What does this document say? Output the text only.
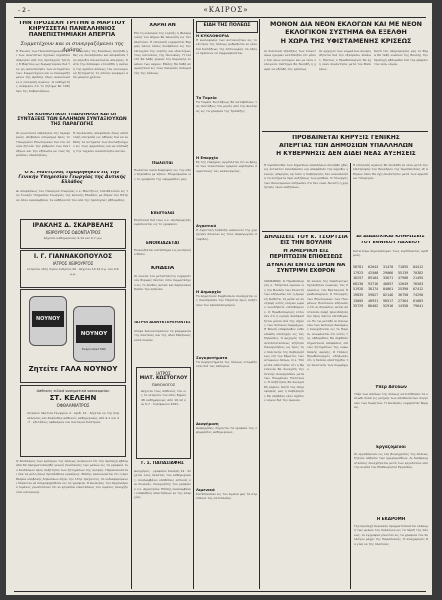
- 2 -	«ΚΑΙΡΟΣ»
ΤΗΝ ΠΡΟΣΕΧΗ ΤΡΙΤΗΝ 8 ΜΑΡΤΙΟΥ ΚΗΡΥΣΣΕΤΑΙ ΠΑΝΕΛΛΗΝΙΟΣ ΠΑΝΕΠΙΣΤΗΜΙΑΚΗ ΑΠΕΡΓΙΑ
Συμμετέχουν και οι συνεργαζόμενοι της Δράσης
Η Ένωσις των Πανεπιστημιακών και των ανωτάτων σχολών κηρύσσει απεργίαν από της προσεχούς Τρίτης 8 Μαρτίου ως διαμαρτυρίαν διά την μη ικανοποίησιν των αιτημάτων των. Συμμετέχουν και οι συνεργαζόμενοι της Δράσης όπως ανεκοίνωσεν η επιτροπή αγώνος. Ο καθηγητής ανέφερεν ότι το ζήτημα θα τεθή προ της Κυβερνήσεως.
Η διοίκησις της Ενώσεως συνήλθε χθες εις συνεδρίασιν και απεφάσισε την κήρυξιν πανελληνίου απεργίας. Κατά την σύσκεψιν ετονίσθη η ανάγκη της αμέσου λύσεως του οικονομικού ζητήματος το οποίον εκκρεμεί από μακρού χρόνου.
ΟΙ ΚΟΙΝΟΤΙΚΟΙ ΥΠΑΛΛΗΛΟΙ ΚΑΙ ΟΙ ΣΥΝΤΑΞΕΙΣ ΤΩΝ ΕΛΛΗΝΩΝ ΣΥΝΤΑΞΙΟΥΧΩΝ ΤΗΣ ΠΑΡΑΓΩΓΗΣ
Οι κοινοτικοί υπάλληλοι της περιφερείας υπέβαλον υπόμνημα προς το Υπουργείον Εσωτερικών δια του οποίου ζητούν την ρύθμισιν των συντάξεων και την εξίσωσιν με τους δημοσίους υπαλλήλους.
Η συνέλευσις απεφάσισε όπως αποσταλή επιτροπή εις Αθήνας δια να εκθέση τα αιτήματα των συνταξιούχων εις τους αρμοδίους και να επιδιώξη την ταχείαν ικανοποίησιν αυτών.
Ο κ. Μαντζίνος τιμωρήθηκεν εις την Γενικήν Υπηρεσίαν Γεωργίας της Δυτικής Ελλάδος
Δι αποφάσεως του Υπουργού Γεωργίας ο κ. Μαντζίνος τοποθετείται εις την Γενικήν Υπηρεσίαν Γεωργίας της Δυτικής Ελλάδος με έδραν την Πάτραν όπου αναλαμβάνει τα καθήκοντά του από της προσεχούς εβδομάδος.
ΙΡΑΚΛΗΣ Δ. ΣΚΑΡΒΕΛΗΣ
ΧΕΙΡΟΥΡΓΟΣ ΟΔΟΝΤΙΑΤΡΟΣ
Δέχεται καθημερινώς 9-12 και 4-7 μ.μ.
Ι. Γ. ΓΙΑΝΝΑΚΟΠΟΥΛΟΣ
ΙΑΤΡΟΣ ΧΕΙΡΟΥΡΓΟΣ
Ιατρείον οδός Αγίου Ανδρέου 26 · Δέχεται 10-12 π.μ. και 4-6 μ.μ.
ΝΟΥΝΟΥ
ΝΟΥΝΟΥ
Evaporated Milk
Ζητείτε ΓΑΛΑ ΝΟΥΝΟΥ
Ασθενείς ειδικά νοσηματικά νοσοκομείου
ΣΤ. ΚΕΛΕΗΝ
ΟΦΘΑΛΜΙΑΤΡΟΣ
Ιατρείον πλατεία Γεωργίου Α΄ αριθ. 12 · δέχεται εκ της Κεφαλληνίας και Ζακύνθου ασθενείς καθημερινώς από 9-1 και 4-7 · εξετάσεις οφθαλμών και συνταγαί διοπτρών.
Ο Σύνδεσμος των εμπόρων της πόλεως ανακοινοί ότι την προσεχή εβδομάδα θα πραγματοποιηθή γενική συνέλευσις των μελών εις τα γραφεία του Συνδέσμου προς συζήτησιν των ζητημάτων της αγοράς. Παρακαλούνται όλα τα μέλη όπως προσέλθουν εγκαίρως. Επίσης ανακοινούται ότι η προθεσμία υποβολής δηλώσεων λήγει την 15ην τρέχοντος. Οι ενδιαφερόμενοι δύνανται να πληροφορηθούν εις τα γραφεία. Η Διοίκησις του Οργανισμού Λιμένος γνωστοποιεί ότι αι εργασίαι επεκτάσεως του λιμένος συνεχίζονται κανονικώς.
ΧΑΡΑΓΑΝ
Επί τη ευκαιρία της εορτής η Φιλαρμονική του Δήμου θα παιανίση εις την πλατείαν. Η επιτροπή ευχαριστεί θερμώς όλους όσους συνέβαλον εις την επιτυχίαν της εορτής και ιδιαιτέρως τους κατοίκους της συνοικίας. Η τελετή θα λάβη χώραν την Κυριακήν ενώπιον των αρχών. Επίσης θα δοθή αναμνηστικό εις τους παλαιούς πολεμιστάς της πόλεως.
Πωλείται
Πωλείται οικία διώροφος εις την οδόν Κορίνθου με κήπον. Πληροφορίαι εις το γραφείον της εφημερίδος μας.
Επιστολαί
Επιστολαί διά τους κ.κ. συνδρομητάς ευρίσκονται εις το γραφείον.
ΕΝΟΙΚΙΑΖΕΤΑΙ
Ενοικιάζεται κατάστημα εις κεντρικήν θέσιν.
ΚΗΔΕΙΑ
Οι οικείοι του μεταστάντος ευχαριστούν θερμώς πάντας όσοι συμμετέσχον εις το πένθος αυτών και παρηκολούθησαν την κηδείαν.
ΙΑΤΡΟΙ ΔΙΑΝΥΚΤΕΡΕΥΟΝΤΕΣ
Απόψε διανυκτερεύουν τα φαρμακεία της πλατείας και της οδού Μαιζώνος κατά σειράν.
ΙΑΤΡΟΣ
ΜΙΛΤ. ΚΩΣΤΟΓΛΟΥ
ΠΑΘΟΛΟΓΟΣ
Δέχεται τους ασθενείς του εις το ιατρείον του οδός Ερμού 48 καθημερινώς από 10-12 και 5-7 · τηλέφωνον 2291.
Γ. Σ. ΠΑΠΑΣΙΑΦΗΣ
Δικηγόρος · γραφείον Κανάρη 14 · δέχεται τους πελάτας του καθημερινώς. Αναλαμβάνει υποθέσεις αστικάς και ποινικάς. Συνεργάτης του γραφείου ο κ. Δημητρίου. Επίσης αναλαμβάνει εισπράξεις απαιτήσεων εκ της επαρχίας.
ΕΙΔΗ ΤΗΣ ΠΟΛΕΩΣ
Η ΚΥΚΛΟΦΟΡΙΑ
Η κυκλοφορία των αυτοκινήτων εις το κέντρον της πόλεως ρυθμίζεται εκ νέου διά διατάξεως της Αστυνομίας. Οι οδηγοί οφείλουν να συμμορφούνται.
Τα Ταμεία
Τα Ταμεία Συντάξεως θα καταβάλουν τας συντάξεις του μηνός από της Δευτέρας εις τα γραφεία της Τραπέζης.
Η Επαρχία
Εκ της επαρχίας αγγέλλεται ότι αι βροχαί των τελευταίων ημερών ωφέλησαν σημαντικώς τας καλλιεργείας.
Αγροτικά
Η Αγροτική Τράπεζα ανακοινοί την χορήγησιν δανείων εις τους παραγωγούς σταφίδος.
Η Δημαρχία
Το Δημοτικόν Συμβούλιον συνέρχεται εις συνεδρίασιν την Πέμπτην προς συζήτησιν του προϋπολογισμού.
Συγκροτήματα
Τα συγκροτήματα της πόλεως ετοιμάζονται διά τας απόκρεω.
Διαφήμιση
Διαφημίσεις δέχονται τα γραφεία της εφημερίδος καθημερινώς.
Λιμενικά
Κατέπλευσαν εις τον λιμένα μας τα ατμόπλοια της ακτοπλοΐας.
ΜΟΝΟΝ ΔΙΑ ΝΕΟΝ ΕΚΛΟΓΩΝ ΚΑΙ ΜΕ ΝΕΟΝ
ΕΚΛΟΓΙΚΟΝ ΣΥΣΤΗΜΑ ΘΑ ΕΞΕΛΘΗ
Η ΧΩΡΑ ΤΗΣ ΥΦΙΣΤΑΜΕΝΗΣ ΚΡΙΣΕΩΣ
Αι πολιτικαί εξελίξεις των τελευταίων ημερών κατέδειξαν ότι μόνον διά νέων εκλογών και με νέον εκλογικόν σύστημα θα δυνηθή η χώρα να εξέλθη της κρίσεως.
Οι αρχηγοί των κομμάτων συνεργάζονται διά την εξεύρεσιν λύσεως. Πάντως ο Πρωθυπουργός θα έχη νέαν συνάντησιν μετά του Βασιλέως.
Κατά τας πληροφορίας μας το θέμα θα τεθή ενώπιον της Βουλής την προσεχή εβδομάδα διά την ψήφισιν του νέου νόμου.
ΠΡΟΒΑΙΝΕΤΑΙ ΚΗΡΥΞΙΣ ΓΕΝΙΚΗΣ
ΑΠΕΡΓΙΑΣ ΤΩΝ ΔΗΜΟΣΙΩΝ ΥΠΑΛΛΗΛΩΝ
Η ΚΥΒΕΡΝΗΣΙΣ ΔΕΝ ΔΙΔΕΙ ΝΕΑΣ ΑΥΞΗΣΕΙΣ
Η Ομοσπονδία των δημοσίων υπαλλήλων συνήλθε χθες εις έκτακτον συνεδρίασιν και απεφάσισε την κήρυξιν γενικής απεργίας εφ όσον η Κυβέρνησις δεν ικανοποιήση τα αιτήματα περί αυξήσεως των μισθών. Ο Υπουργός των Οικονομικών εδήλωσεν ότι δεν είναι δυνατή η χορήγησις νέων αυξήσεων.
Η επιτροπή αγώνος θα συνέλθη εκ νέου μετά την επιστροφήν του Προέδρου της Ομοσπονδίας εξ Αθηνών όπου θα έχη συνάντησιν μετά των αρμοδίων Υπουργών.
ΔΗΛΩΣΕΙΣ ΤΟΥ κ. ΤΣΟΡΤΣΙΑ ΕΙΣ ΤΗΝ ΒΟΥΛΗΝ
Η ΑΜΕΡΙΚΗ ΕΙΣ ΠΕΡΙΠΤΩΣΙΝ ΕΠΙΘΕΣΕΩΣ
ΔΥΝΑΤΑΙ ΕΝΤΟΣ ΩΡΩΝ ΝΑ ΣΥΝΤΡΙΨΗ ΕΧΘΡΟΝ
ΛΟΝΔΙΝΟΝ. Ο Πρωθυπουργός κ. Τσόρτσιλ ομιλών εις την Βουλήν των Κοινοτήτων εδήλωσεν ότι η Αμερική διαθέτει τα μέσα να συντρίψη εντός ολίγων ωρών οιονδήποτε επιτιθέμενον. Ο Πρωθυπουργός ετόνισεν ότι η ειρήνη διασφαλίζεται μόνον διά της ισχύος των δυτικών συμμάχων. Η Βουλή επεφύλαξεν ενθουσιώδη υποδοχήν εις τας δηλώσεις. Ο αρχηγός της αντιπολιτεύσεως εζήτησε διευκρινήσεις ως προς την πολιτικήν της Κυβερνήσεως επί του θέματος των ατομικών όπλων. Ο κ. Τσόρτσιλ απήντησεν ότι η Βρεταννία θα συνεχίση την στενήν συνεργασίαν μετά των Ηνωμένων Πολιτειών. Η συζήτησις θα συνεχισθή αύριον. Κατά τας πληροφορίας μας η Κυβέρνησις θα υποβάλη νέον σχέδιον νόμου διά την άμυναν.
Οι κύκλοι της Ουάσιγκτων σχολιάζουν ευμενώς τας δηλώσεις του Βρεταννού Πρωθυπουργού. Ο Υπουργός των Εξωτερικών των Ηνωμένων Πολιτειών εδήλωσεν ότι αι δηλώσεις αυταί αποτελούν σαφή προειδοποίησιν προς πάντα επιτιθέμενον. Εν τω μεταξύ αι συνομιλίαι των Δυτικών Δυνάμεων συνεχίζονται εις το Παρίσι. Αναμένεται ότι εντός της εβδομάδος θα ληφθούν σημαντικαί αποφάσεις επί των ζητημάτων της ευρωπαϊκής αμύνης. Ο Γάλλος Πρωθυπουργός εδήλωσεν ότι η Γαλλία υποστηρίζει την πολιτικήν των συμμάχων.
ΑΙ ΔΙΑΔΟΧΙΚΑΙ ΚΛΗΡΩΣΕΙΣ
ΤΟΥ ΕΘΝΙΚΟΥ ΛΑΧΕΙΟΥ
Κατωτέρω δημοσιεύομεν τους κερδίσαντας αριθμούς.
58781 62044 31470 71855 8441217923 42508 29066 55139 7038216257 89104 33671 47908 2149568230 93716 40857 12649 7650351928 38174 84061 25390 6741219835 59027 82146 36758 7429013605 48931 90517 27364 6108335729 88402 52916 14358 79641
Υπέρ Ασύλων
Υπέρ των Ασύλων της πόλεως κατετέθησαν τα κάτωθι ποσά εις μνήμην των αποθανόντων συγγενών των δωρητών. Η Διοίκησις ευχαριστεί θερμώς.
Εργαζόμενοι
Οι εργαζόμενοι εις τας βιομηχανίας της πόλεως ζητούν αύξησιν των ημερομισθίων. Αι διαπραγματεύσεις συνεχίζονται μετά των εργοδοτών υπό την αιγίδα του Επιθεωρητού Εργασίας.
Η ΕΚΔΡΟΜΗ
Την προσεχή Κυριακήν πραγματοποιείται εκδρομή των μελών του Συλλόγου εις τα πέριξ της πόλεως. Αι εγγραφαί γίνονται εις τα γραφεία του Συλλόγου μέχρι της Παρασκευής. Η αναχώρησις θα γίνη εκ της πλατείας.
